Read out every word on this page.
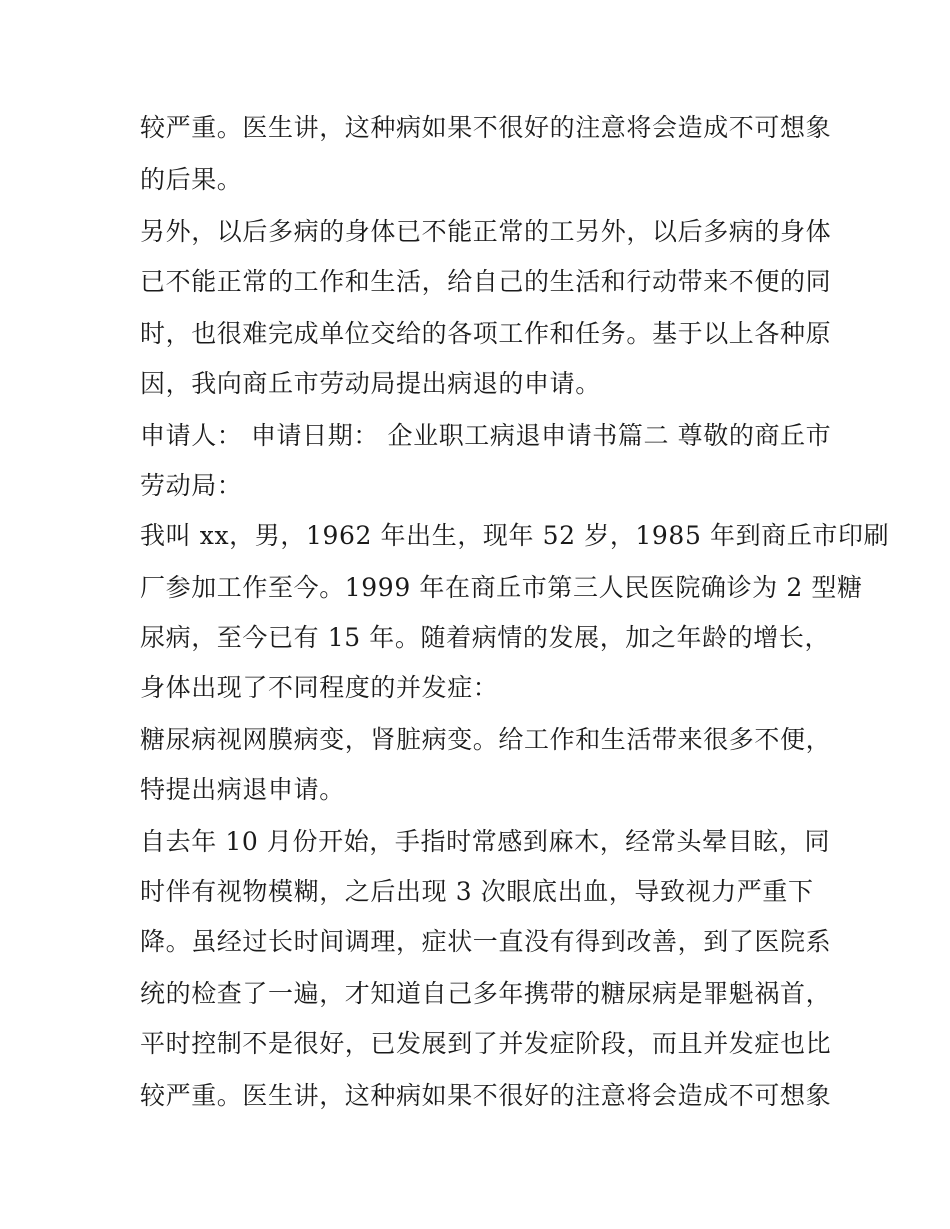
较严重。医生讲，这种病如果不很好的注意将会造成不可想象

的后果。

另外，以后多病的身体已不能正常的工另外，以后多病的身体

已不能正常的工作和生活，给自己的生活和行动带来不便的同

时，也很难完成单位交给的各项工作和任务。基于以上各种原

因，我向商丘市劳动局提出病退的申请。

申请人： 申请日期： 企业职工病退申请书篇二 尊敬的商丘市

劳动局：

我叫 xx，男，1962 年出生，现年 52 岁，1985 年到商丘市印刷

厂参加工作至今。1999 年在商丘市第三人民医院确诊为 2 型糖

尿病，至今已有 15 年。随着病情的发展，加之年龄的增长，

身体出现了不同程度的并发症：

糖尿病视网膜病变，肾脏病变。给工作和生活带来很多不便，

特提出病退申请。

自去年 10 月份开始，手指时常感到麻木，经常头晕目眩，同

时伴有视物模糊，之后出现 3 次眼底出血，导致视力严重下

降。虽经过长时间调理，症状一直没有得到改善，到了医院系

统的检查了一遍，才知道自己多年携带的糖尿病是罪魁祸首，

平时控制不是很好，已发展到了并发症阶段，而且并发症也比

较严重。医生讲，这种病如果不很好的注意将会造成不可想象
